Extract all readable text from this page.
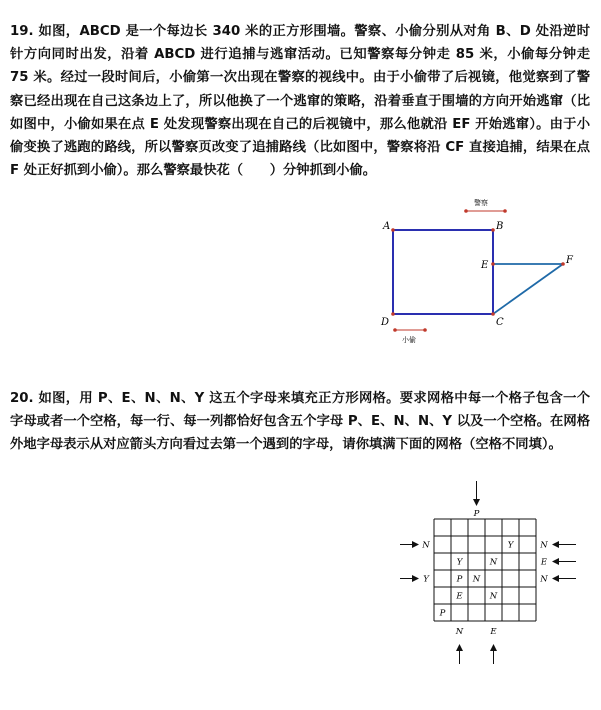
19. 如图，ABCD 是一个每边长 340 米的正方形围墙。警察、小偷分别从对角 B、D 处沿逆时针方向同时出发，沿着 ABCD 进行追捕与逃窜活动。已知警察每分钟走 85 米，小偷每分钟走 75 米。经过一段时间后，小偷第一次出现在警察的视线中。由于小偷带了后视镜，他觉察到了警察已经出现在自己这条边上了，所以他换了一个逃窜的策略，沿着垂直于围墙的方向开始逃窜（比如图中，小偷如果在点 E 处发现警察出现在自己的后视镜中，那么他就沿 EF 开始逃窜）。由于小偷变换了逃跑的路线，所以警察页改变了追捕路线（比如图中，警察将沿 CF 直接追捕，结果在点 F 处正好抓到小偷）。那么警察最快花（　　）分钟抓到小偷。

警察
A	B
C
D
E	F
小偷

20. 如图，用 P、E、N、N、Y 这五个字母来填充正方形网格。要求网格中每一个格子包含一个字母或者一个空格，每一行、每一列都恰好包含五个字母 P、E、N、N、Y 以及一个空格。在网格外地字母表示从对应箭头方向看过去第一个遇到的字母，请你填满下面的网格（空格不同填）。

Y
Y	N
P N
E	N
P
P
N	E
N
Y
N
E
N
